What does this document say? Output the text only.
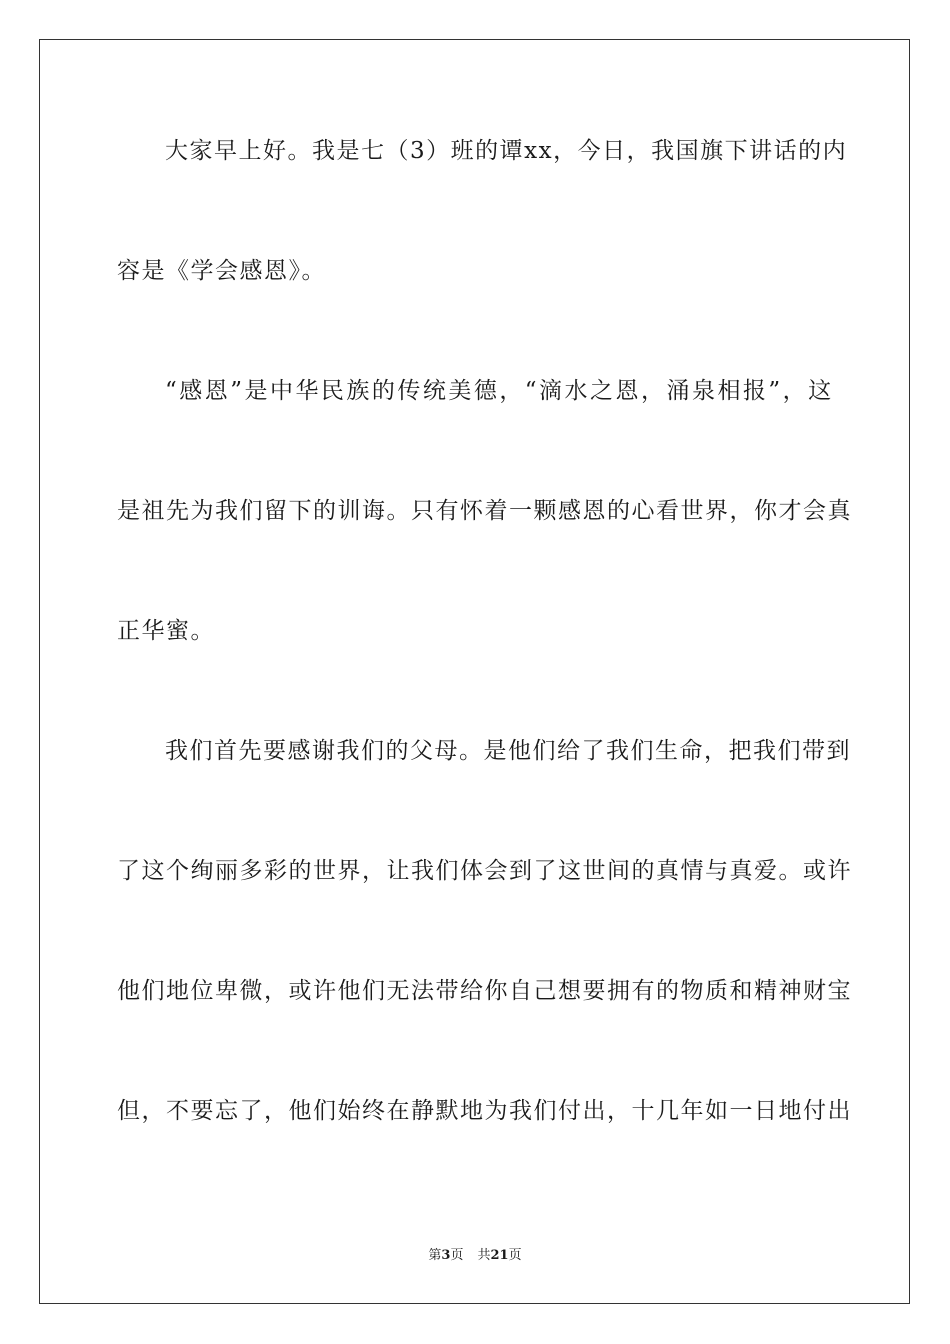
大 家 早 上 好 。 我 是 七 （ 3 ） 班 的 谭 x x ， 今 日 ， 我 国 旗 下 讲 话 的 内
容是《学会感恩》。
“ 感 恩 ” 是 中 华 民 族 的 传 统 美 德 ， “ 滴 水 之 恩 ， 涌 泉 相 报 ” ， 这
是 祖 先 为 我 们 留 下 的 训 诲 。 只 有 怀 着 一 颗 感 恩 的 心 看 世 界 ， 你 才 会 真
正华蜜。
我 们 首 先 要 感 谢 我 们 的 父 母 。 是 他 们 给 了 我 们 生 命 ， 把 我 们 带 到
了 这 个 绚 丽 多 彩 的 世 界 ， 让 我 们 体 会 到 了 这 世 间 的 真 情 与 真 爱 。 或 许
他 们 地 位 卑 微 ， 或 许 他 们 无 法 带 给 你 自 己 想 要 拥 有 的 物 质 和 精 神 财 宝
但 ， 不 要 忘 了 ， 他 们 始 终 在 静 默 地 为 我 们 付 出 ， 十 几 年 如 一 日 地 付 出
第3页 共21页
